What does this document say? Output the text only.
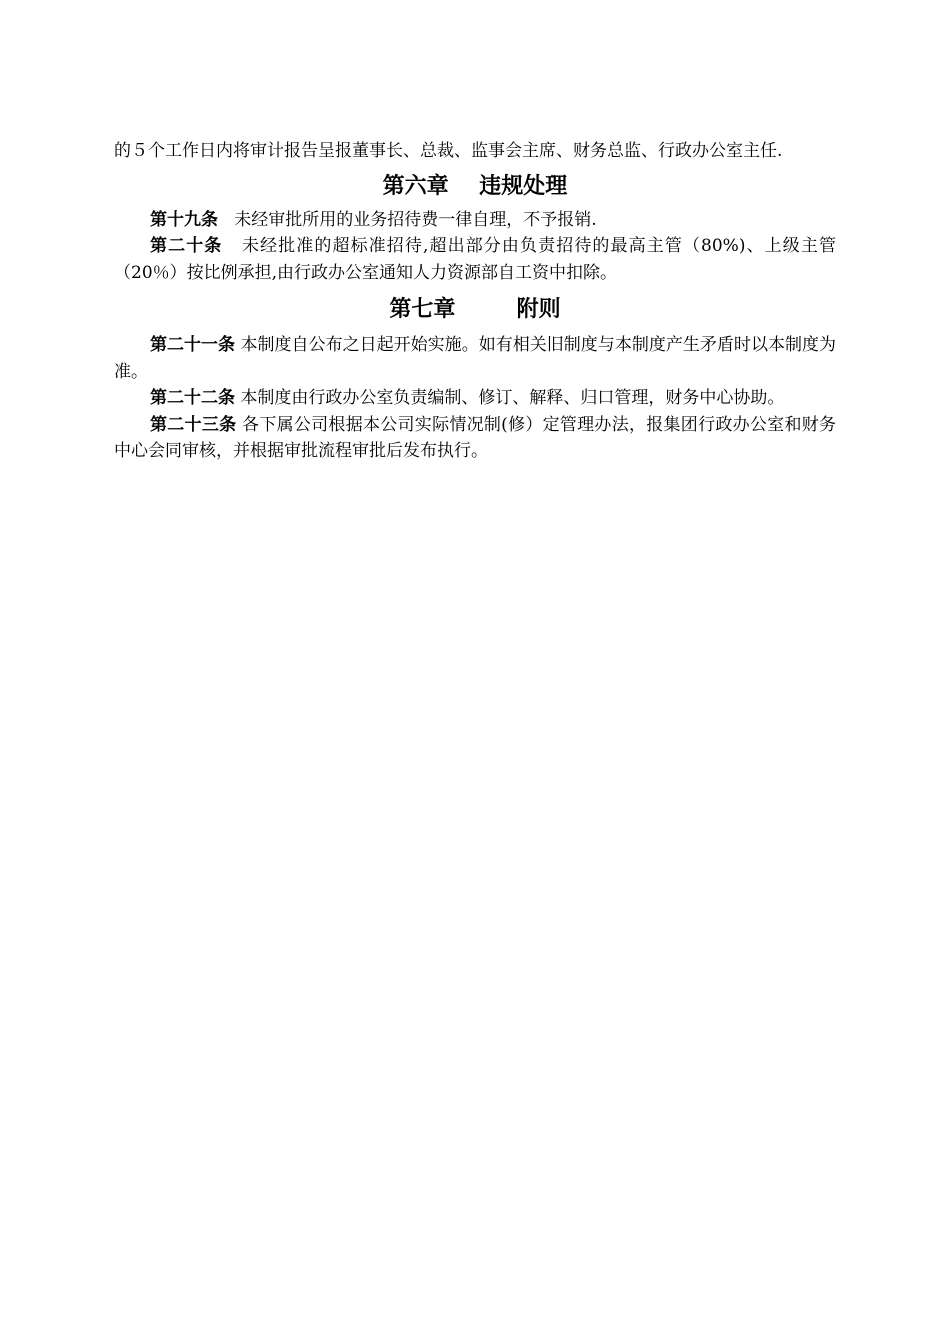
的５个工作日内将审计报告呈报董事长、总裁、监事会主席、财务总监、行政办公室主任.

第六章    违规处理

第十九条   未经审批所用的业务招待费一律自理，不予报销.

第二十条   未经批准的超标准招待,超出部分由负责招待的最高主管（80%)、上级主管（20％）按比例承担,由行政办公室通知人力资源部自工资中扣除。

第七章        附则

第二十一条 本制度自公布之日起开始实施。如有相关旧制度与本制度产生矛盾时以本制度为准。

第二十二条 本制度由行政办公室负责编制、修订、解释、归口管理，财务中心协助。

第二十三条 各下属公司根据本公司实际情况制(修）定管理办法，报集团行政办公室和财务中心会同审核，并根据审批流程审批后发布执行。
